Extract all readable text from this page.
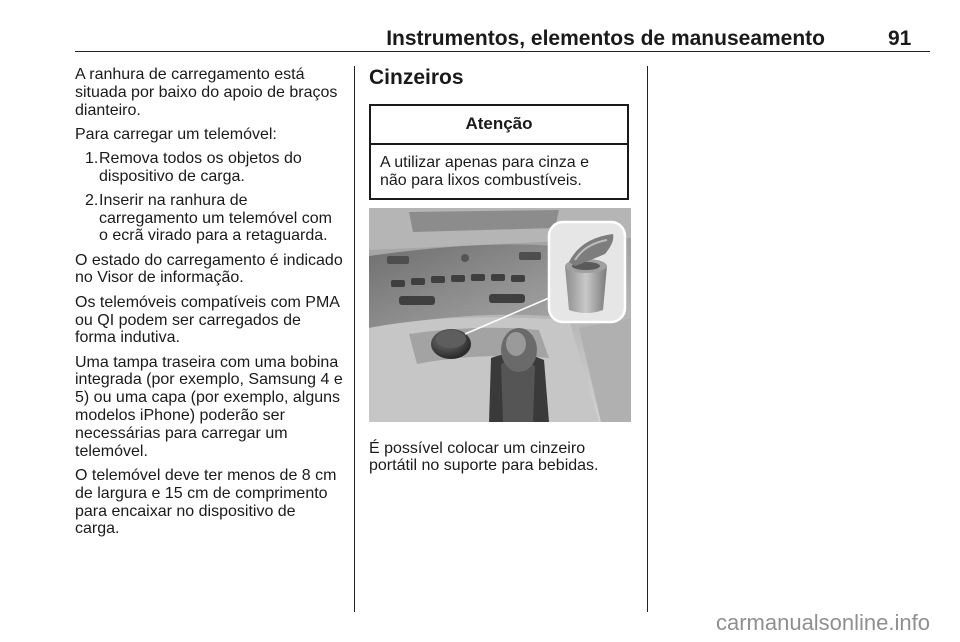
Instrumentos, elementos de manuseamento	91

A ranhura de carregamento está situada por baixo do apoio de braços dianteiro.

Para carregar um telemóvel:

1. Remova todos os objetos do dispositivo de carga.
2. Inserir na ranhura de carregamento um telemóvel com o ecrã virado para a retaguarda.

O estado do carregamento é indicado no Visor de informação.

Os telemóveis compatíveis com PMA ou QI podem ser carregados de forma indutiva.

Uma tampa traseira com uma bobina integrada (por exemplo, Samsung 4 e 5) ou uma capa (por exemplo, alguns modelos iPhone) poderão ser necessárias para carregar um telemóvel.

O telemóvel deve ter menos de 8 cm de largura e 15 cm de comprimento para encaixar no dispositivo de carga.

Cinzeiros
Atenção
A utilizar apenas para cinza e não para lixos combustíveis.
É possível colocar um cinzeiro portátil no suporte para bebidas.
carmanualsonline.info
